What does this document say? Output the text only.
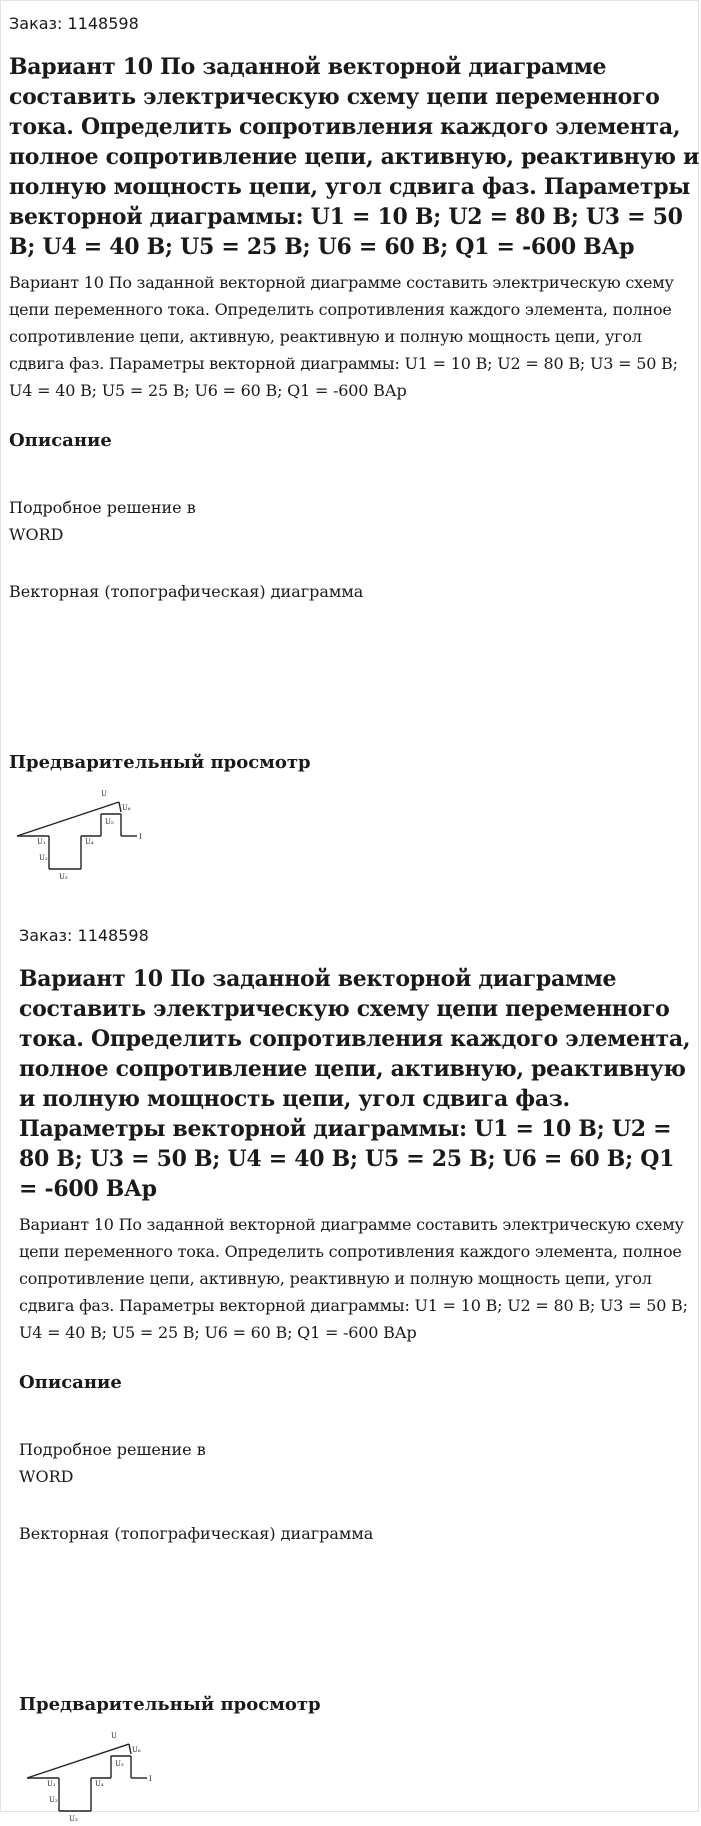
Заказ: 1148598
Вариант 10 По заданной векторной диаграмме составить электрическую схему цепи переменного тока. Определить сопротивления каждого элемента, полное сопротивление цепи, активную, реактивную и полную мощность цепи, угол сдвига фаз. Параметры векторной диаграммы: U1 = 10 В; U2 = 80 В; U3 = 50 В; U4 = 40 В; U5 = 25 В; U6 = 60 В; Q1 = -600 ВАр
Вариант 10 По заданной векторной диаграмме составить электрическую схему цепи переменного тока. Определить сопротивления каждого элемента, полное сопротивление цепи, активную, реактивную и полную мощность цепи, угол сдвига фаз. Параметры векторной диаграммы: U1 = 10 В; U2 = 80 В; U3 = 50 В; U4 = 40 В; U5 = 25 В; U6 = 60 В; Q1 = -600 ВАр
Описание
Подробное решение в
WORD
Векторная (топографическая) диаграмма
Предварительный просмотр
U
U₆
U₅
U₁	U₄
U₂
U₃
I
Заказ: 1148598
Вариант 10 По заданной векторной диаграмме составить электрическую схему цепи переменного тока. Определить сопротивления каждого элемента, полное сопротивление цепи, активную, реактивную и полную мощность цепи, угол сдвига фаз. Параметры векторной диаграммы: U1 = 10 В; U2 = 80 В; U3 = 50 В; U4 = 40 В; U5 = 25 В; U6 = 60 В; Q1 = -600 ВАр
Вариант 10 По заданной векторной диаграмме составить электрическую схему цепи переменного тока. Определить сопротивления каждого элемента, полное сопротивление цепи, активную, реактивную и полную мощность цепи, угол сдвига фаз. Параметры векторной диаграммы: U1 = 10 В; U2 = 80 В; U3 = 50 В; U4 = 40 В; U5 = 25 В; U6 = 60 В; Q1 = -600 ВАр
Описание
Подробное решение в
WORD
Векторная (топографическая) диаграмма
Предварительный просмотр
U
U₆
U₅
U₁	U₄
U₂
U₃
I
